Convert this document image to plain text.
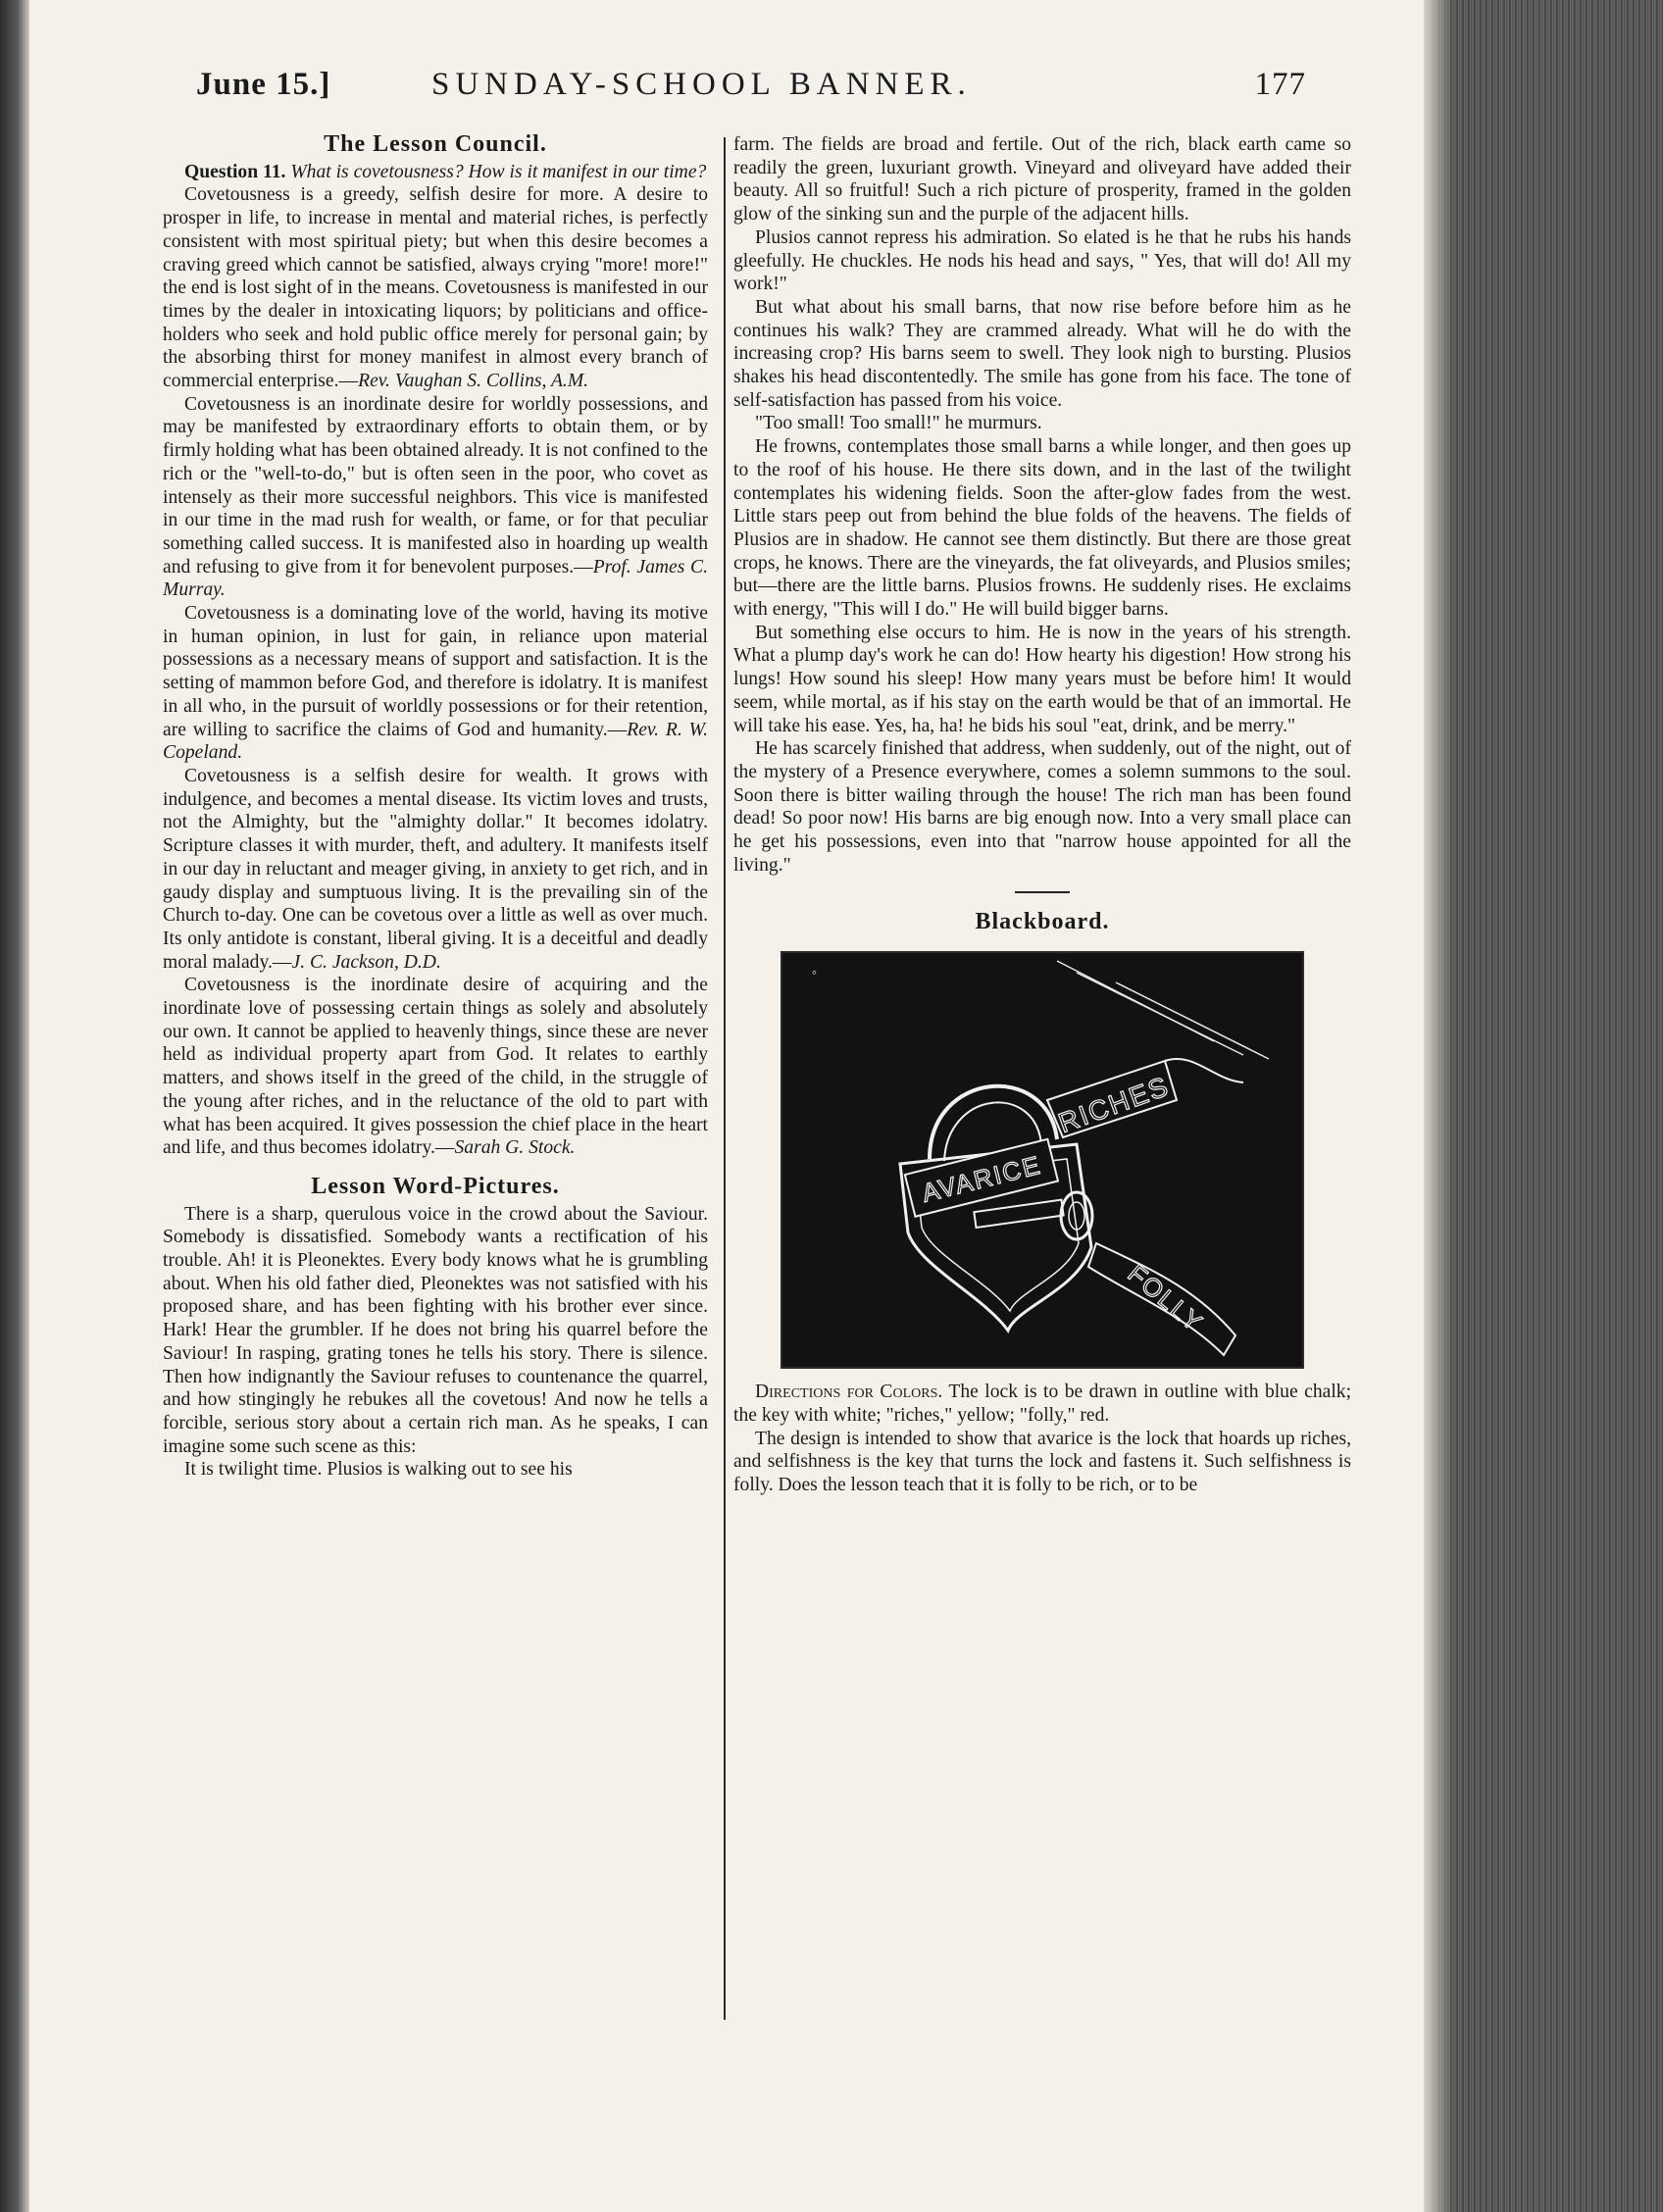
June 15.]	SUNDAY-SCHOOL BANNER.	177
The Lesson Council.

Question 11. What is covetousness? How is it manifest in our time?

Covetousness is a greedy, selfish desire for more. A desire to prosper in life, to increase in mental and material riches, is perfectly consistent with most spiritual piety; but when this desire becomes a craving greed which cannot be satisfied, always crying "more! more!" the end is lost sight of in the means. Covetousness is manifested in our times by the dealer in intoxicating liquors; by politicians and office-holders who seek and hold public office merely for personal gain; by the absorbing thirst for money manifest in almost every branch of commercial enterprise.—Rev. Vaughan S. Collins, A.M.

Covetousness is an inordinate desire for worldly possessions, and may be manifested by extraordinary efforts to obtain them, or by firmly holding what has been obtained already. It is not confined to the rich or the "well-to-do," but is often seen in the poor, who covet as intensely as their more successful neighbors. This vice is manifested in our time in the mad rush for wealth, or fame, or for that peculiar something called success. It is manifested also in hoarding up wealth and refusing to give from it for benevolent purposes.—Prof. James C. Murray.

Covetousness is a dominating love of the world, having its motive in human opinion, in lust for gain, in reliance upon material possessions as a necessary means of support and satisfaction. It is the setting of mammon before God, and therefore is idolatry. It is manifest in all who, in the pursuit of worldly possessions or for their retention, are willing to sacrifice the claims of God and humanity.—Rev. R. W. Copeland.

Covetousness is a selfish desire for wealth. It grows with indulgence, and becomes a mental disease. Its victim loves and trusts, not the Almighty, but the "almighty dollar." It becomes idolatry. Scripture classes it with murder, theft, and adultery. It manifests itself in our day in reluctant and meager giving, in anxiety to get rich, and in gaudy display and sumptuous living. It is the prevailing sin of the Church to-day. One can be covetous over a little as well as over much. Its only antidote is constant, liberal giving. It is a deceitful and deadly moral malady.—J. C. Jackson, D.D.

Covetousness is the inordinate desire of acquiring and the inordinate love of possessing certain things as solely and absolutely our own. It cannot be applied to heavenly things, since these are never held as individual property apart from God. It relates to earthly matters, and shows itself in the greed of the child, in the struggle of the young after riches, and in the reluctance of the old to part with what has been acquired. It gives possession the chief place in the heart and life, and thus becomes idolatry.—Sarah G. Stock.

Lesson Word-Pictures.

There is a sharp, querulous voice in the crowd about the Saviour. Somebody is dissatisfied. Somebody wants a rectification of his trouble. Ah! it is Pleonektes. Every body knows what he is grumbling about. When his old father died, Pleonektes was not satisfied with his proposed share, and has been fighting with his brother ever since. Hark! Hear the grumbler. If he does not bring his quarrel before the Saviour! In rasping, grating tones he tells his story. There is silence. Then how indignantly the Saviour refuses to countenance the quarrel, and how stingingly he rebukes all the covetous! And now he tells a forcible, serious story about a certain rich man. As he speaks, I can imagine some such scene as this:

It is twilight time. Plusios is walking out to see his

farm. The fields are broad and fertile. Out of the rich, black earth came so readily the green, luxuriant growth. Vineyard and oliveyard have added their beauty. All so fruitful! Such a rich picture of prosperity, framed in the golden glow of the sinking sun and the purple of the adjacent hills.

Plusios cannot repress his admiration. So elated is he that he rubs his hands gleefully. He chuckles. He nods his head and says, " Yes, that will do! All my work!"

But what about his small barns, that now rise before before him as he continues his walk? They are crammed already. What will he do with the increasing crop? His barns seem to swell. They look nigh to bursting. Plusios shakes his head discontentedly. The smile has gone from his face. The tone of self-satisfaction has passed from his voice.

"Too small! Too small!" he murmurs.

He frowns, contemplates those small barns a while longer, and then goes up to the roof of his house. He there sits down, and in the last of the twilight contemplates his widening fields. Soon the after-glow fades from the west. Little stars peep out from behind the blue folds of the heavens. The fields of Plusios are in shadow. He cannot see them distinctly. But there are those great crops, he knows. There are the vineyards, the fat oliveyards, and Plusios smiles; but—there are the little barns. Plusios frowns. He suddenly rises. He exclaims with energy, "This will I do." He will build bigger barns.

But something else occurs to him. He is now in the years of his strength. What a plump day's work he can do! How hearty his digestion! How strong his lungs! How sound his sleep! How many years must be before him! It would seem, while mortal, as if his stay on the earth would be that of an immortal. He will take his ease. Yes, ha, ha! he bids his soul "eat, drink, and be merry."

He has scarcely finished that address, when suddenly, out of the night, out of the mystery of a Presence everywhere, comes a solemn summons to the soul. Soon there is bitter wailing through the house! The rich man has been found dead! So poor now! His barns are big enough now. Into a very small place can he get his possessions, even into that "narrow house appointed for all the living."

Blackboard.
AVARICE
RICHES
FOLLY
°

Directions for Colors. The lock is to be drawn in outline with blue chalk; the key with white; "riches," yellow; "folly," red.

The design is intended to show that avarice is the lock that hoards up riches, and selfishness is the key that turns the lock and fastens it. Such selfishness is folly. Does the lesson teach that it is folly to be rich, or to be
